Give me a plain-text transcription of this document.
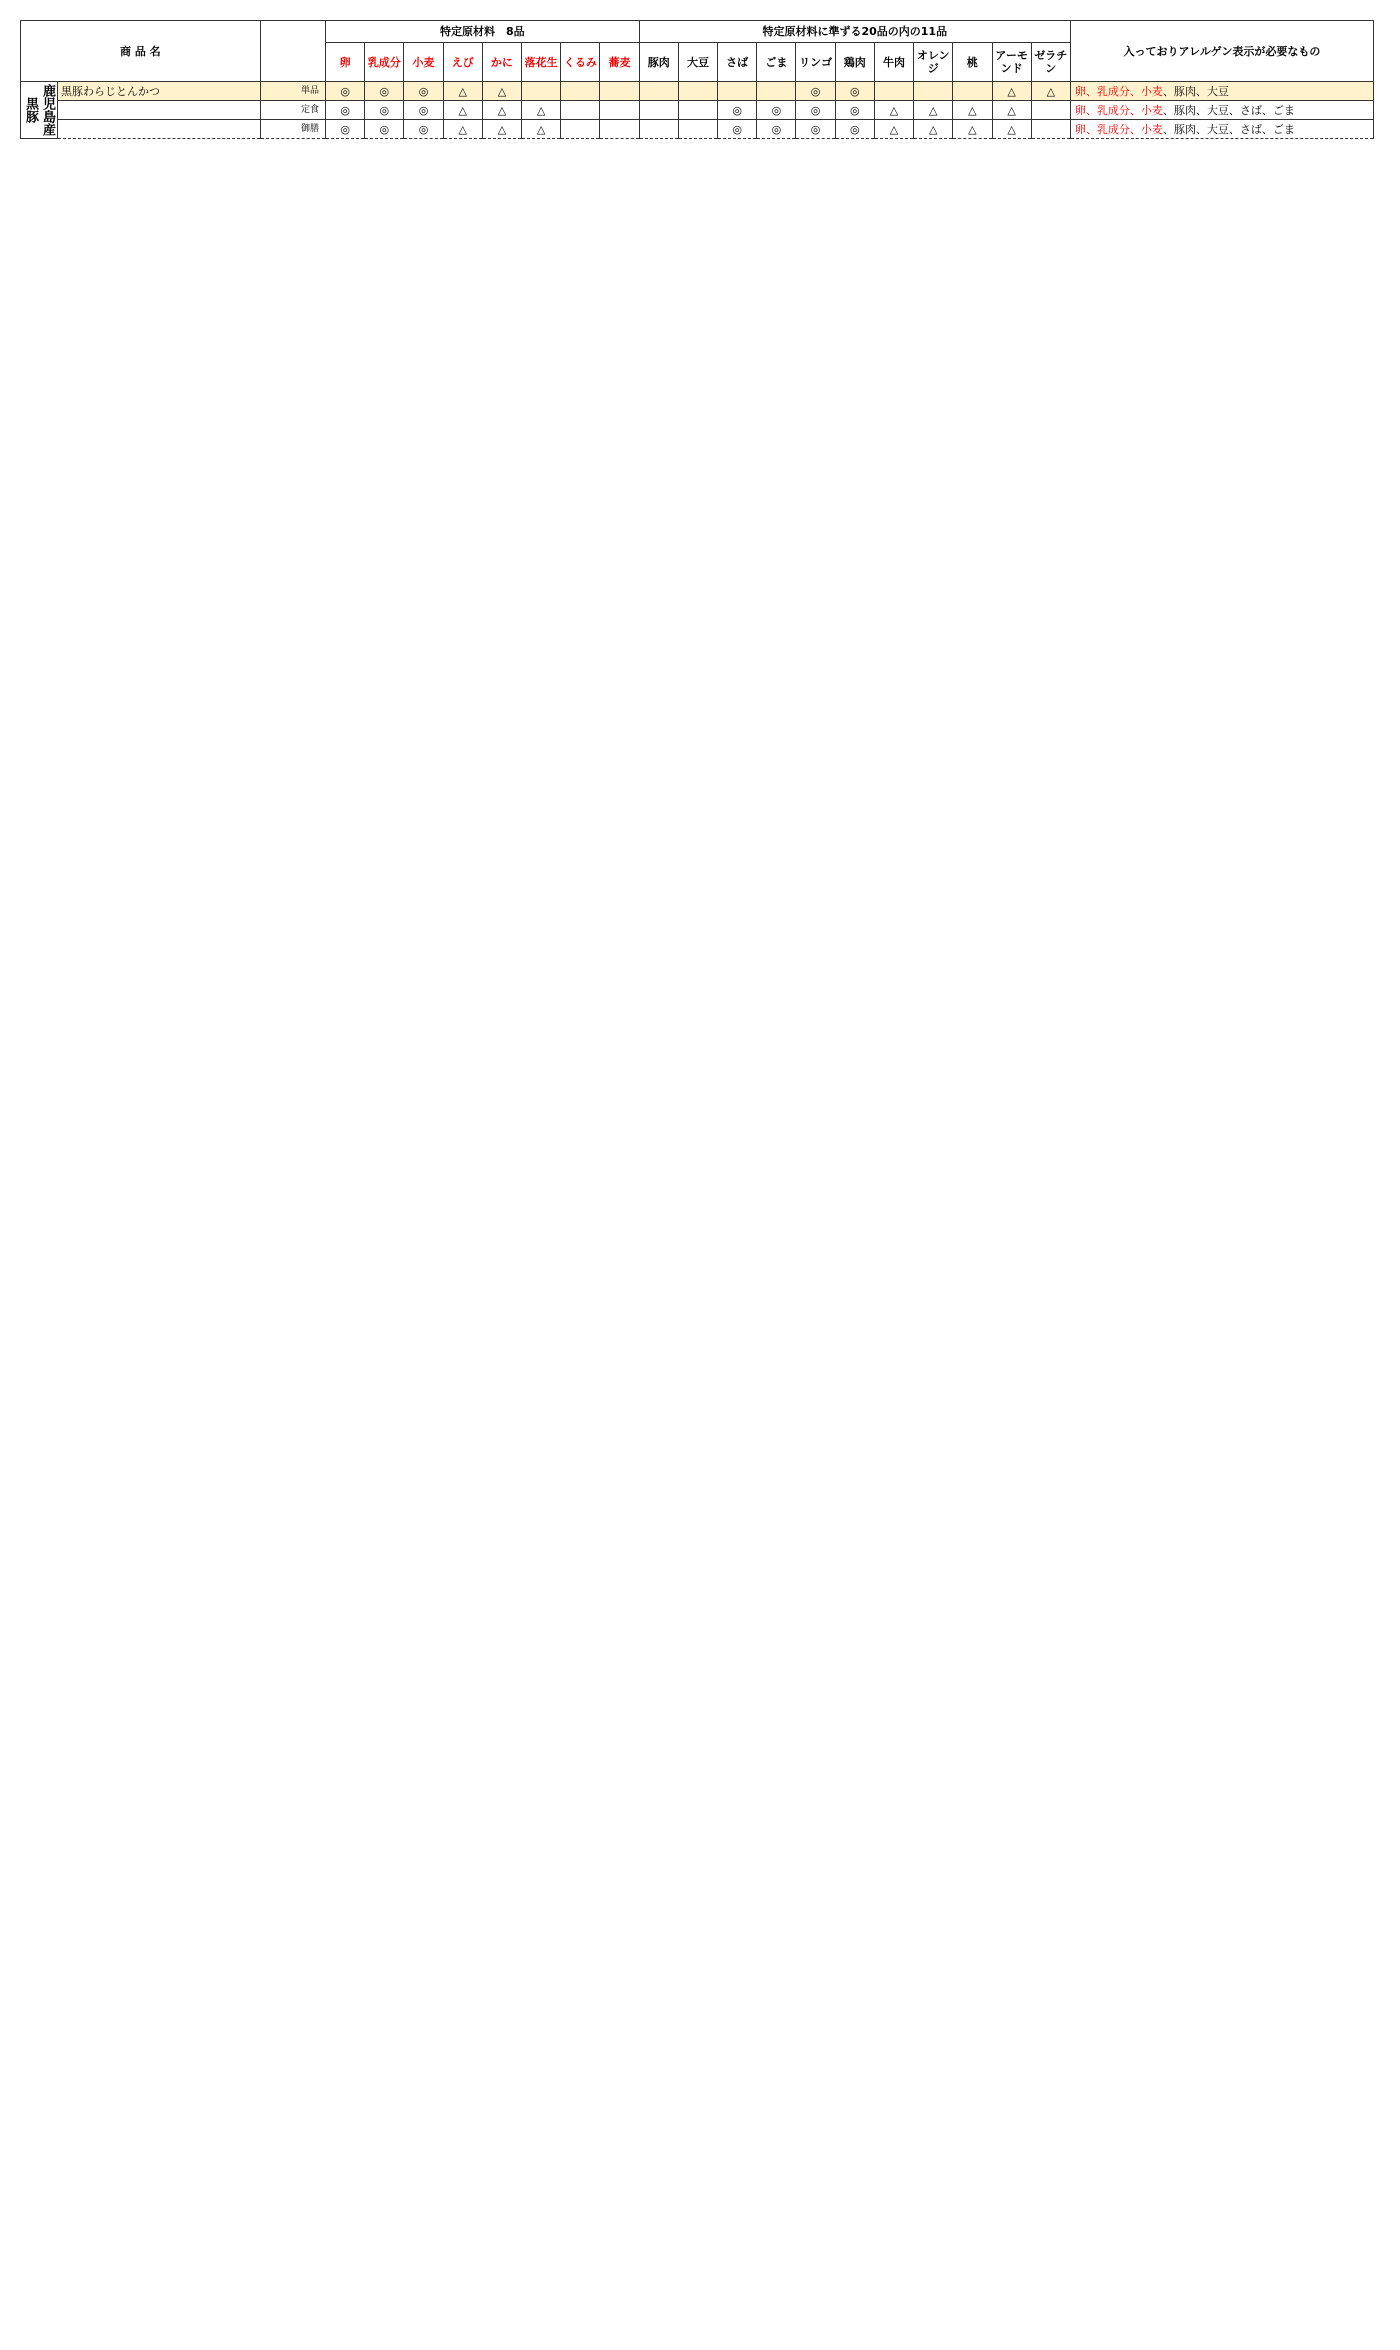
商 品 名			特定原材料　8品								特定原材料に準ずる20品の内の11品											入っておりアレルゲン表示が必要なもの
			卵	乳成分	小麦	えび	かに	落花生	くるみ	蕎麦	豚肉	大豆	さば	ごま	リンゴ	鶏肉	牛肉	オレンジ	桃	アーモンド	ゼラチン	
鹿児島産　黒豚	黒豚わらじとんかつ	単品	◎	◎	◎	△	△								◎	◎				△	△	卵、乳成分、小麦、豚肉、大豆
		定食	◎	◎	◎	△	△	△					◎	◎	◎	◎	△	△	△	△		卵、乳成分、小麦、豚肉、大豆、さば、ごま
		御膳	◎	◎	◎	△	△	△					◎	◎	◎	◎	△	△	△	△		卵、乳成分、小麦、豚肉、大豆、さば、ごま
